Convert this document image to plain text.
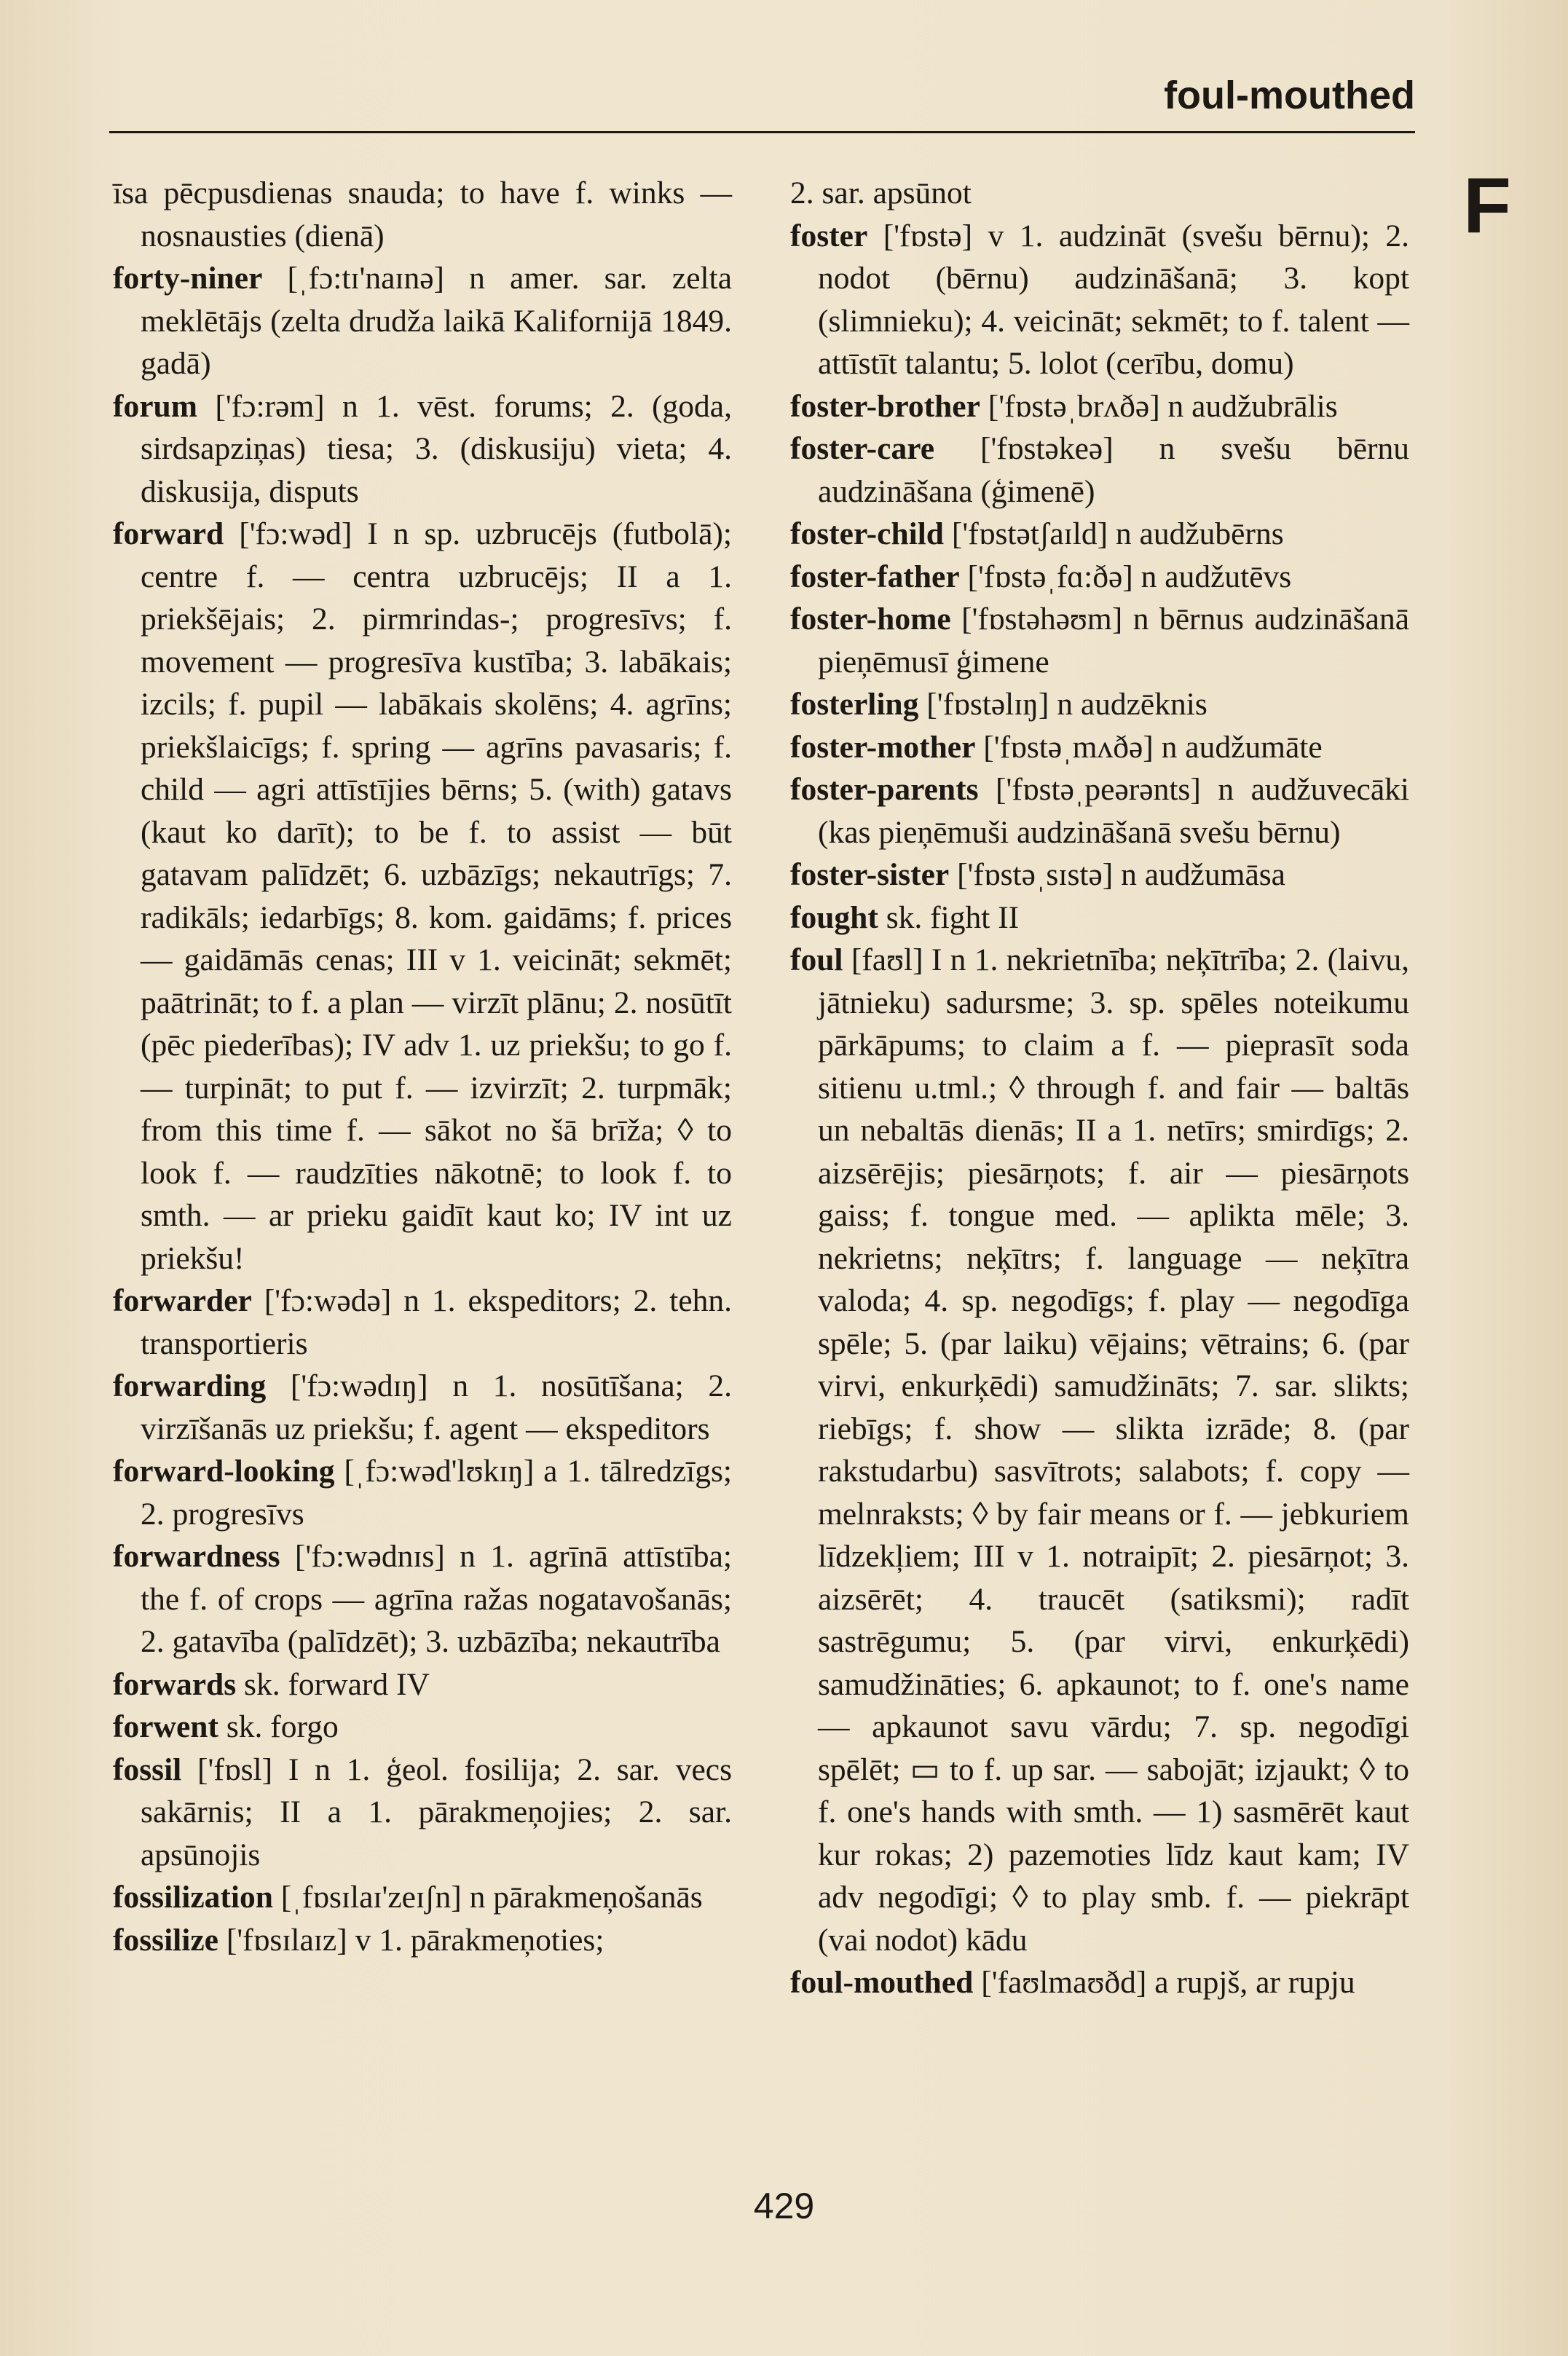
foul-mouthed
F

īsa pēcpusdienas snauda; to have f. winks — nosnausties (dienā)

forty-niner [ˌfɔ:tɪ'naɪnə] n amer. sar. zelta meklētājs (zelta drudža laikā Kalifornijā 1849. gadā)

forum ['fɔ:rəm] n 1. vēst. forums; 2. (goda, sirdsapziņas) tiesa; 3. (diskusiju) vieta; 4. diskusija, disputs

forward ['fɔ:wəd] I n sp. uzbrucējs (futbolā); centre f. — centra uzbrucējs; II a 1. priekšējais; 2. pirmrindas-; progresīvs; f. movement — progresīva kustība; 3. labākais; izcils; f. pupil — labākais skolēns; 4. agrīns; priekšlaicīgs; f. spring — agrīns pavasaris; f. child — agri attīstījies bērns; 5. (with) gatavs (kaut ko darīt); to be f. to assist — būt gatavam palīdzēt; 6. uzbāzīgs; nekautrīgs; 7. radikāls; iedarbīgs; 8. kom. gaidāms; f. prices — gaidāmās cenas; III v 1. veicināt; sekmēt; paātrināt; to f. a plan — virzīt plānu; 2. nosūtīt (pēc piederības); IV adv 1. uz priekšu; to go f. — turpināt; to put f. — izvirzīt; 2. turpmāk; from this time f. — sākot no šā brīža; ◊ to look f. — raudzīties nākotnē; to look f. to smth. — ar prieku gaidīt kaut ko; IV int uz priekšu!

forwarder ['fɔ:wədə] n 1. ekspeditors; 2. tehn. transportieris

forwarding ['fɔ:wədɪŋ] n 1. nosūtīšana; 2. virzīšanās uz priekšu; f. agent — ekspeditors

forward-looking [ˌfɔ:wəd'lʊkɪŋ] a 1. tālredzīgs; 2. progresīvs

forwardness ['fɔ:wədnɪs] n 1. agrīnā attīstība; the f. of crops — agrīna ražas nogatavošanās; 2. gatavība (palīdzēt); 3. uzbāzība; nekautrība

forwards sk. forward IV

forwent sk. forgo

fossil ['fɒsl] I n 1. ģeol. fosilija; 2. sar. vecs sakārnis; II a 1. pārakmeņojies; 2. sar. apsūnojis

fossilization [ˌfɒsɪlaɪ'zeɪʃn] n pārakmeņošanās

fossilize ['fɒsɪlaɪz] v 1. pārakmeņoties;

2. sar. apsūnot

foster ['fɒstə] v 1. audzināt (svešu bērnu); 2. nodot (bērnu) audzināšanā; 3. kopt (slimnieku); 4. veicināt; sekmēt; to f. talent — attīstīt talantu; 5. lolot (cerību, domu)

foster-brother ['fɒstəˌbrʌðə] n audžubrālis

foster-care ['fɒstəkeə] n svešu bērnu audzināšana (ģimenē)

foster-child ['fɒstətʃaɪld] n audžubērns

foster-father ['fɒstəˌfɑ:ðə] n audžutēvs

foster-home ['fɒstəhəʊm] n bērnus audzināšanā pieņēmusī ģimene

fosterling ['fɒstəlɪŋ] n audzēknis

foster-mother ['fɒstəˌmʌðə] n audžumāte

foster-parents ['fɒstəˌpeərənts] n audžuvecāki (kas pieņēmuši audzināšanā svešu bērnu)

foster-sister ['fɒstəˌsɪstə] n audžumāsa

fought sk. fight II

foul [faʊl] I n 1. nekrietnība; neķītrība; 2. (laivu, jātnieku) sadursme; 3. sp. spēles noteikumu pārkāpums; to claim a f. — pieprasīt soda sitienu u.tml.; ◊ through f. and fair — baltās un nebaltās dienās; II a 1. netīrs; smirdīgs; 2. aizsērējis; piesārņots; f. air — piesārņots gaiss; f. tongue med. — aplikta mēle; 3. nekrietns; neķītrs; f. language — neķītra valoda; 4. sp. negodīgs; f. play — negodīga spēle; 5. (par laiku) vējains; vētrains; 6. (par virvi, enkurķēdi) samudžināts; 7. sar. slikts; riebīgs; f. show — slikta izrāde; 8. (par rakstudarbu) sasvītrots; salabots; f. copy — melnraksts; ◊ by fair means or f. — jebkuriem līdzekļiem; III v 1. notraipīt; 2. piesārņot; 3. aizsērēt; 4. traucēt (satiksmi); radīt sastrēgumu; 5. (par virvi, enkurķēdi) samudžināties; 6. apkaunot; to f. one's name — apkaunot savu vārdu; 7. sp. negodīgi spēlēt; ▭ to f. up sar. — sabojāt; izjaukt; ◊ to f. one's hands with smth. — 1) sasmērēt kaut kur rokas; 2) pazemoties līdz kaut kam; IV adv negodīgi; ◊ to play smb. f. — piekrāpt (vai nodot) kādu

foul-mouthed ['faʊlmaʊðd] a rupjš, ar rupju

429
